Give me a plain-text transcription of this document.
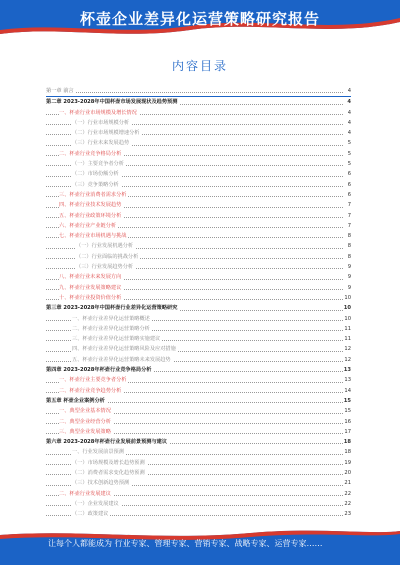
杯壶企业差异化运营策略研究报告
内容目录
第一章 前言	4
第二章 2023-2028年中国杯壶市场发展现状及趋势预测	4
一、杯壶行业市场规模及增长情况	4
（一）行业市场规模分析	4
（二）行业市场规模增速分析	4
（三）行业未来发展趋势	5
二、杯壶行业竞争格局分析	5
（一）主要竞争者分析	5
（二）市场份额分析	6
（三）竞争策略分析	6
三、杯壶行业消费者需求分析	6
四、杯壶行业技术发展趋势	7
五、杯壶行业政策环境分析	7
六、杯壶行业产业链分析	7
七、杯壶行业市场机遇与挑战	8
（一）行业发展机遇分析	8
（二）行业面临的挑战分析	8
（三）行业发展趋势分析	9
八、杯壶行业未来发展方向	9
九、杯壶行业发展策略建议	9
十、杯壶行业投资价值分析	10
第三章 2023-2028年中国杯壶行业差异化运营策略研究	10
一、杯壶行业差异化运营策略概述	10
二、杯壶行业差异化运营策略分析	11
三、杯壶行业差异化运营策略实施建议	11
四、杯壶行业差异化运营策略风险及应对措施	12
五、杯壶行业差异化运营策略未来发展趋势	12
第四章 2023-2028年杯壶行业竞争格局分析	13
一、杯壶行业主要竞争者分析	13
二、杯壶行业竞争趋势分析	14
第五章 杯壶企业案例分析	15
一、典型企业基本情况	15
二、典型企业经营分析	16
三、典型企业发展策略	17
第六章 2023-2028年杯壶行业发展前景预测与建议	18
一、行业发展前景预测	18
（一）市场规模及增长趋势预测	19
（二）消费者需求变化趋势预测	20
（三）技术创新趋势预测	21
二、杯壶行业发展建议	22
（一）企业发展建议	22
（二）政策建议	23
让每个人都能成为 行业专家、管理专家、营销专家、战略专家、运营专家……
